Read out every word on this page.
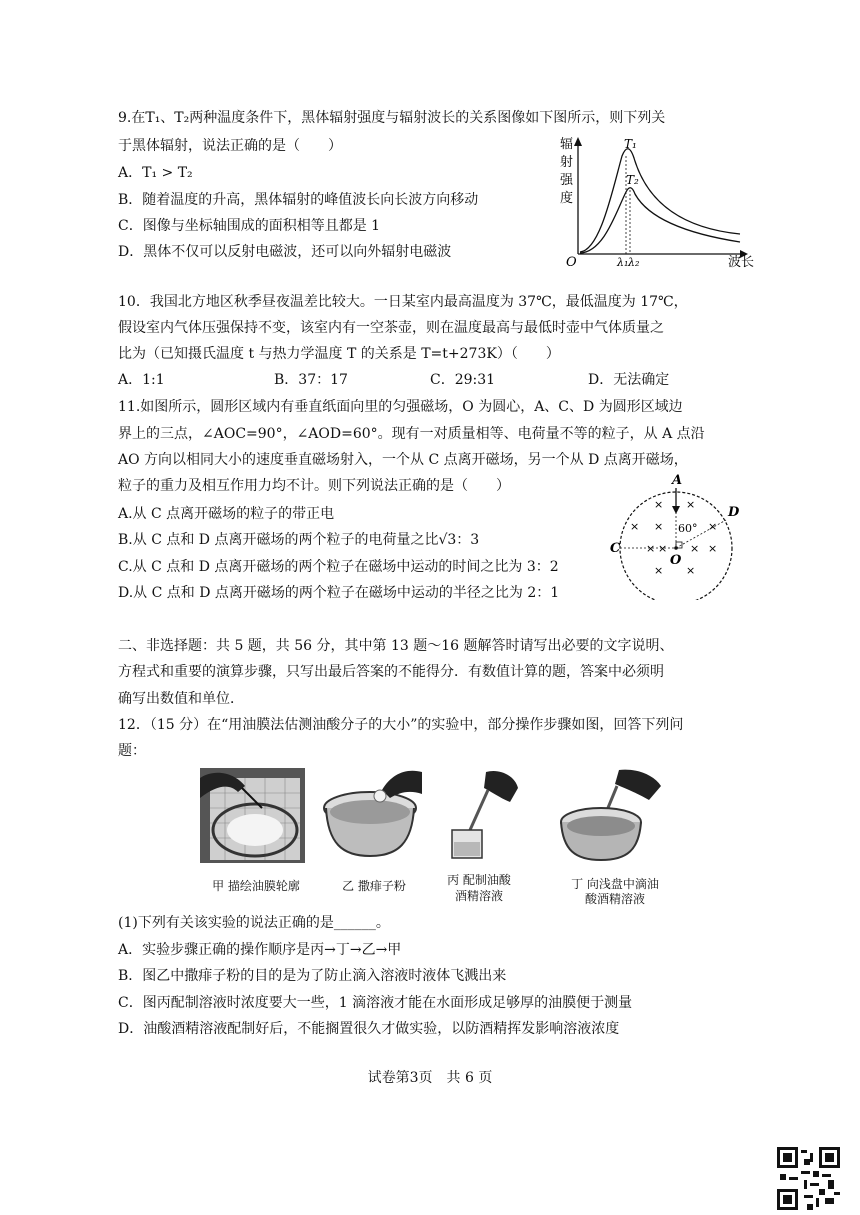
9.在T₁、T₂两种温度条件下，黑体辐射强度与辐射波长的关系图像如下图所示，则下列关
于黑体辐射，说法正确的是（　　）
A．T₁ > T₂
B．随着温度的升高，黑体辐射的峰值波长向长波方向移动
C．图像与坐标轴围成的面积相等且都是 1
D．黑体不仅可以反射电磁波，还可以向外辐射电磁波
辐
射
强
度
T₁
T₂
O	λ₁ λ₂	波长
10．我国北方地区秋季昼夜温差比较大。一日某室内最高温度为 37℃，最低温度为 17℃，
假设室内气体压强保持不变，该室内有一空茶壶，则在温度最高与最低时壶中气体质量之
比为（已知摄氏温度 t 与热力学温度 T 的关系是 T=t+273K）（　　）
A．1:1	B．37：17	C．29:31	D．无法确定
11.如图所示，圆形区域内有垂直纸面向里的匀强磁场，O 为圆心，A、C、D 为圆形区域边
界上的三点，∠AOC=90°，∠AOD=60°。现有一对质量相等、电荷量不等的粒子，从 A 点沿
AO 方向以相同大小的速度垂直磁场射入，一个从 C 点离开磁场，另一个从 D 点离开磁场，
粒子的重力及相互作用力均不计。则下列说法正确的是（　　）
A.从 C 点离开磁场的粒子的带正电
B.从 C 点和 D 点离开磁场的两个粒子的电荷量之比√3：3
C.从 C 点和 D 点离开磁场的两个粒子在磁场中运动的时间之比为 3：2
D.从 C 点和 D 点离开磁场的两个粒子在磁场中运动的半径之比为 2：1
A
D
C
O
60°
× ×
× ×	×
× × × ×
× ×
二、非选择题：共 5 题，共 56 分，其中第 13 题～16 题解答时请写出必要的文字说明、
方程式和重要的演算步骤，只写出最后答案的不能得分．有数值计算的题，答案中必须明
确写出数值和单位．
12．（15 分）在“用油膜法估测油酸分子的大小”的实验中，部分操作步骤如图，回答下列问
题：
甲 描绘油膜轮廓	乙 撒痱子粉	丙 配制油酸
酒精溶液
丁 向浅盘中滴油
酸酒精溶液
(1)下列有关该实验的说法正确的是______。
A．实验步骤正确的操作顺序是丙→丁→乙→甲
B．图乙中撒痱子粉的目的是为了防止滴入溶液时液体飞溅出来
C．图丙配制溶液时浓度要大一些，1 滴溶液才能在水面形成足够厚的油膜便于测量
D．油酸酒精溶液配制好后，不能搁置很久才做实验，以防酒精挥发影响溶液浓度
试卷第3页　共 6 页
